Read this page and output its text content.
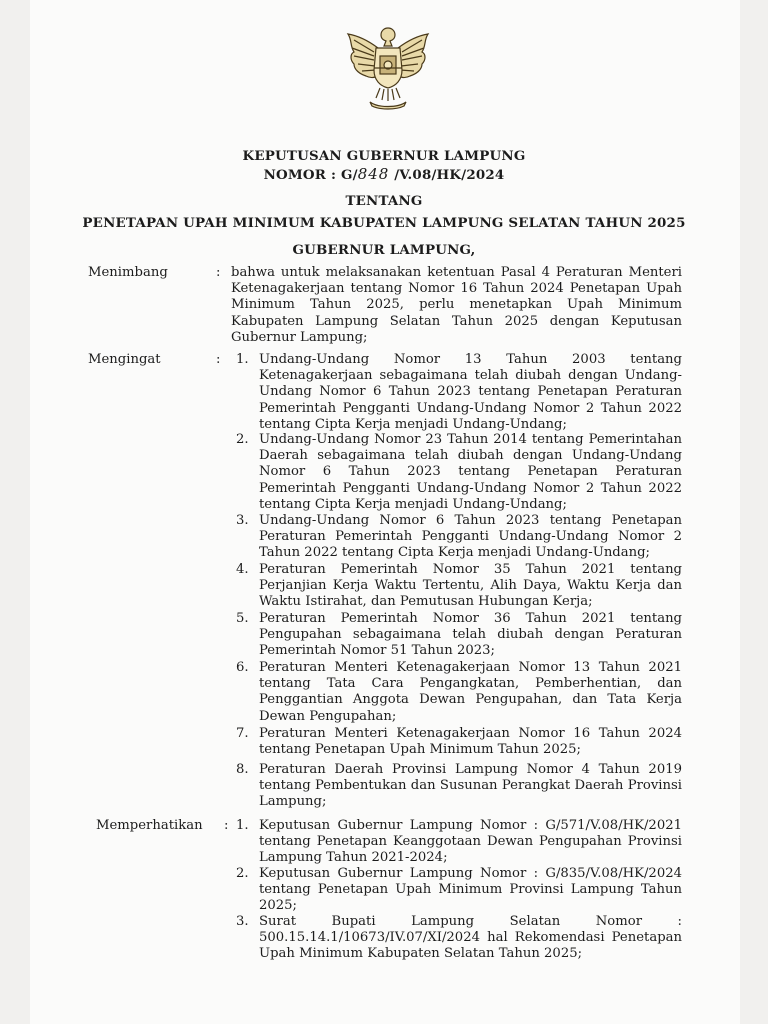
KEPUTUSAN GUBERNUR LAMPUNG
NOMOR : G/848 /V.08/HK/2024
TENTANG
PENETAPAN UPAH MINIMUM KABUPATEN LAMPUNG SELATAN TAHUN 2025
GUBERNUR LAMPUNG,
Menimbang	: bahwa untuk melaksanakan ketentuan Pasal 4 Peraturan Menteri Ketenagakerjaan tentang Nomor 16 Tahun 2024 Penetapan Upah Minimum Tahun 2025, perlu menetapkan Upah Minimum Kabupaten Lampung Selatan Tahun 2025 dengan Keputusan Gubernur Lampung;
Mengingat	: 1. Undang-Undang Nomor 13 Tahun 2003 tentang Ketenagakerjaan sebagaimana telah diubah dengan Undang-Undang Nomor 6 Tahun 2023 tentang Penetapan Peraturan Pemerintah Pengganti Undang-Undang Nomor 2 Tahun 2022 tentang Cipta Kerja menjadi Undang-Undang;
2. Undang-Undang Nomor 23 Tahun 2014 tentang Pemerintahan Daerah sebagaimana telah diubah dengan Undang-Undang Nomor 6 Tahun 2023 tentang Penetapan Peraturan Pemerintah Pengganti Undang-Undang Nomor 2 Tahun 2022 tentang Cipta Kerja menjadi Undang-Undang;
3. Undang-Undang Nomor 6 Tahun 2023 tentang Penetapan Peraturan Pemerintah Pengganti Undang-Undang Nomor 2 Tahun 2022 tentang Cipta Kerja menjadi Undang-Undang;
4. Peraturan Pemerintah Nomor 35 Tahun 2021 tentang Perjanjian Kerja Waktu Tertentu, Alih Daya, Waktu Kerja dan Waktu Istirahat, dan Pemutusan Hubungan Kerja;
5. Peraturan Pemerintah Nomor 36 Tahun 2021 tentang Pengupahan sebagaimana telah diubah dengan Peraturan Pemerintah Nomor 51 Tahun 2023;
6. Peraturan Menteri Ketenagakerjaan Nomor 13 Tahun 2021 tentang Tata Cara Pengangkatan, Pemberhentian, dan Penggantian Anggota Dewan Pengupahan, dan Tata Kerja Dewan Pengupahan;
7. Peraturan Menteri Ketenagakerjaan Nomor 16 Tahun 2024 tentang Penetapan Upah Minimum Tahun 2025;
8. Peraturan Daerah Provinsi Lampung Nomor 4 Tahun 2019 tentang Pembentukan dan Susunan Perangkat Daerah Provinsi Lampung;
Memperhatikan : 1. Keputusan Gubernur Lampung Nomor : G/571/V.08/HK/2021 tentang Penetapan Keanggotaan Dewan Pengupahan Provinsi Lampung Tahun 2021-2024;
2. Keputusan Gubernur Lampung Nomor : G/835/V.08/HK/2024 tentang Penetapan Upah Minimum Provinsi Lampung Tahun 2025;
3. Surat Bupati Lampung Selatan Nomor : 500.15.14.1/10673/IV.07/XI/2024 hal Rekomendasi Penetapan Upah Minimum Kabupaten Selatan Tahun 2025;
